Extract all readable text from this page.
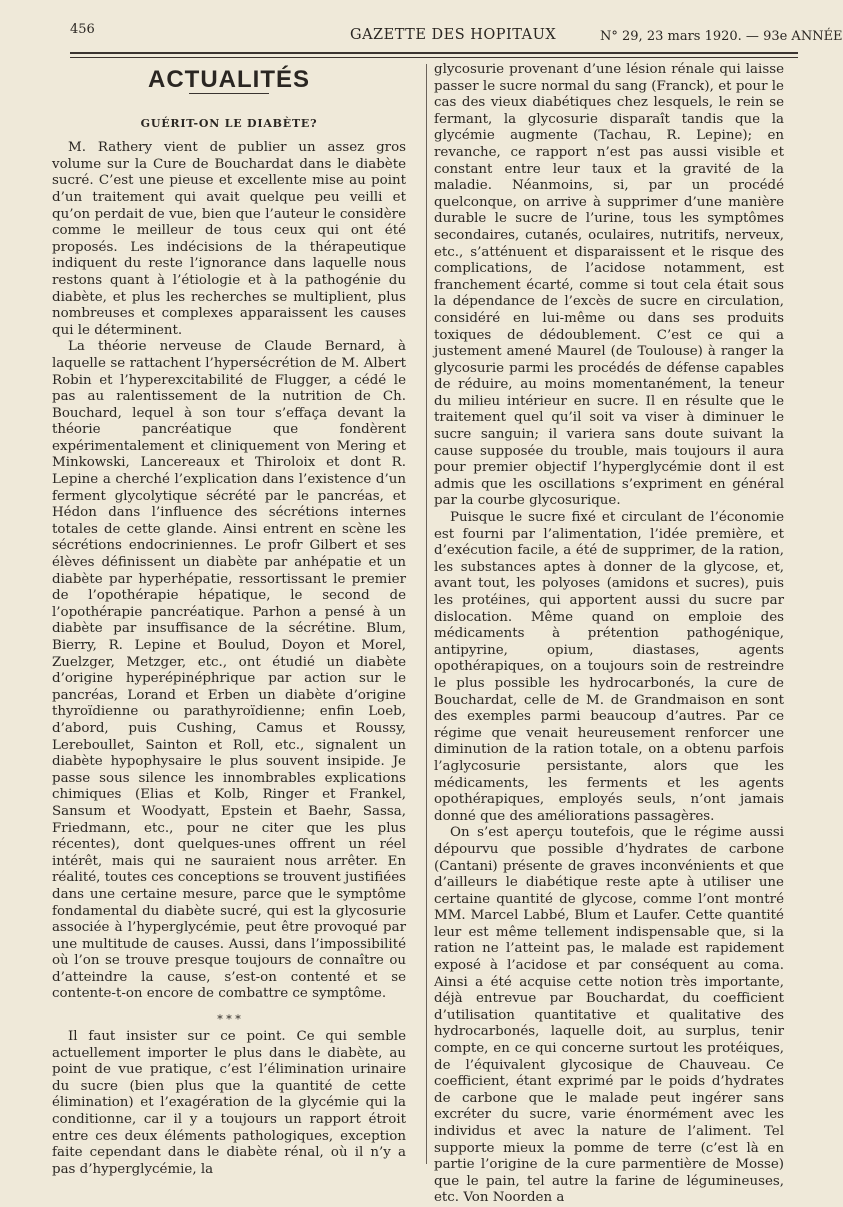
456	GAZETTE DES HOPITAUX	N° 29, 23 mars 1920. — 93e ANNÉE
ACTUALITÉS
GUÉRIT-ON LE DIABÈTE?

M. Rathery vient de publier un assez gros volume sur la Cure de Bouchardat dans le diabète sucré. C’est une pieuse et excellente mise au point d’un traitement qui avait quelque peu veilli et qu’on perdait de vue, bien que l’auteur le considère comme le meilleur de tous ceux qui ont été proposés. Les indécisions de la thérapeutique indiquent du reste l’ignorance dans laquelle nous restons quant à l’étiologie et à la pathogénie du diabète, et plus les recherches se multiplient, plus nombreuses et complexes apparaissent les causes qui le déterminent.

La théorie nerveuse de Claude Bernard, à laquelle se rattachent l’hypersécrétion de M. Albert Robin et l’hyperexcitabilité de Flugger, a cédé le pas au ralentissement de la nutrition de Ch. Bouchard, lequel à son tour s’effaça devant la théorie pancréatique que fondèrent expérimentalement et cliniquement von Mering et Minkowski, Lancereaux et Thiroloix et dont R. Lepine a cherché l’explication dans l’existence d’un ferment glycolytique sécrété par le pancréas, et Hédon dans l’influence des sécrétions internes totales de cette glande. Ainsi entrent en scène les sécrétions endocriniennes. Le profr Gilbert et ses élèves définissent un diabète par anhépatie et un diabète par hyperhépatie, ressortissant le premier de l’opothérapie hépatique, le second de l’opothérapie pancréatique. Parhon a pensé à un diabète par insuffisance de la sécrétine. Blum, Bierry, R. Lepine et Boulud, Doyon et Morel, Zuelzger, Metzger, etc., ont étudié un diabète d’origine hyperépinéphrique par action sur le pancréas, Lorand et Erben un diabète d’origine thyroïdienne ou parathyroïdienne; enfin Loeb, d’abord, puis Cushing, Camus et Roussy, Lereboullet, Sainton et Roll, etc., signalent un diabète hypophysaire le plus souvent insipide. Je passe sous silence les innombrables explications chimiques (Elias et Kolb, Ringer et Frankel, Sansum et Woodyatt, Epstein et Baehr, Sassa, Friedmann, etc., pour ne citer que les plus récentes), dont quelques-unes offrent un réel intérêt, mais qui ne sauraient nous arrêter. En réalité, toutes ces conceptions se trouvent justifiées dans une certaine mesure, parce que le symptôme fondamental du diabète sucré, qui est la glycosurie associée à l’hyperglycémie, peut être provoqué par une multitude de causes. Aussi, dans l’impossibilité où l’on se trouve presque toujours de connaître ou d’atteindre la cause, s’est-on contenté et se contente-t-on encore de combattre ce symptôme.

⁎ ⁎ ⁎

Il faut insister sur ce point. Ce qui semble actuellement importer le plus dans le diabète, au point de vue pratique, c’est l’élimination urinaire du sucre (bien plus que la quantité de cette élimination) et l’exagération de la glycémie qui la conditionne, car il y a toujours un rapport étroit entre ces deux éléments pathologiques, exception faite cependant dans le diabète rénal, où il n’y a pas d’hyperglycémie, la

glycosurie provenant d’une lésion rénale qui laisse passer le sucre normal du sang (Franck), et pour le cas des vieux diabétiques chez lesquels, le rein se fermant, la glycosurie disparaît tandis que la glycémie augmente (Tachau, R. Lepine); en revanche, ce rapport n’est pas aussi visible et constant entre leur taux et la gravité de la maladie. Néanmoins, si, par un procédé quelconque, on arrive à supprimer d’une manière durable le sucre de l’urine, tous les symptômes secondaires, cutanés, oculaires, nutritifs, nerveux, etc., s’atténuent et disparaissent et le risque des complications, de l’acidose notamment, est franchement écarté, comme si tout cela était sous la dépendance de l’excès de sucre en circulation, considéré en lui-même ou dans ses produits toxiques de dédoublement. C’est ce qui a justement amené Maurel (de Toulouse) à ranger la glycosurie parmi les procédés de défense capables de réduire, au moins momentanément, la teneur du milieu intérieur en sucre. Il en résulte que le traitement quel qu’il soit va viser à diminuer le sucre sanguin; il variera sans doute suivant la cause supposée du trouble, mais toujours il aura pour premier objectif l’hyperglycémie dont il est admis que les oscillations s’expriment en général par la courbe glycosurique.

Puisque le sucre fixé et circulant de l’économie est fourni par l’alimentation, l’idée première, et d’exécution facile, a été de supprimer, de la ration, les substances aptes à donner de la glycose, et, avant tout, les polyoses (amidons et sucres), puis les protéines, qui apportent aussi du sucre par dislocation. Même quand on emploie des médicaments à prétention pathogénique, antipyrine, opium, diastases, agents opothérapiques, on a toujours soin de restreindre le plus possible les hydrocarbonés, la cure de Bouchardat, celle de M. de Grandmaison en sont des exemples parmi beaucoup d’autres. Par ce régime que venait heureusement renforcer une diminution de la ration totale, on a obtenu parfois l’aglycosurie persistante, alors que les médicaments, les ferments et les agents opothérapiques, employés seuls, n’ont jamais donné que des améliorations passagères.

On s’est aperçu toutefois, que le régime aussi dépourvu que possible d’hydrates de carbone (Cantani) présente de graves inconvénients et que d’ailleurs le diabétique reste apte à utiliser une certaine quantité de glycose, comme l’ont montré MM. Marcel Labbé, Blum et Laufer. Cette quantité leur est même tellement indispensable que, si la ration ne l’atteint pas, le malade est rapidement exposé à l’acidose et par conséquent au coma. Ainsi a été acquise cette notion très importante, déjà entrevue par Bouchardat, du coefficient d’utilisation quantitative et qualitative des hydrocarbonés, laquelle doit, au surplus, tenir compte, en ce qui concerne surtout les protéiques, de l’équivalent glycosique de Chauveau. Ce coefficient, étant exprimé par le poids d’hydrates de carbone que le malade peut ingérer sans excréter du sucre, varie énormément avec les individus et avec la nature de l’aliment. Tel supporte mieux la pomme de terre (c’est là en partie l’origine de la cure parmentière de Mosse) que le pain, tel autre la farine de légumineuses, etc. Von Noorden a
